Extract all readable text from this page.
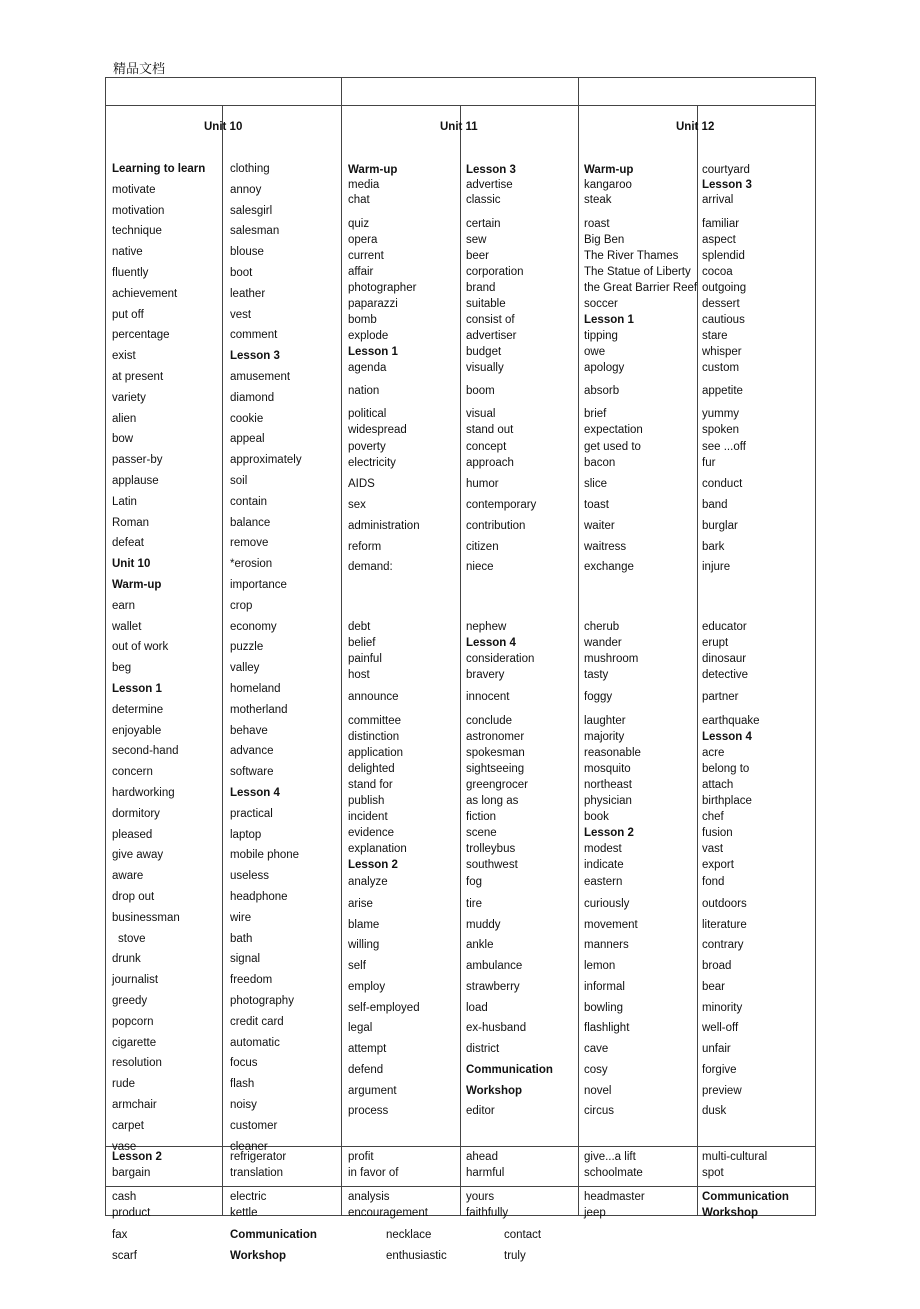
精品文档
Unit 10	Unit 11	Unit 12
Learning to learn
motivate
motivation
technique
native
fluently
achievement
put off
percentage
exist
at present
variety
alien
bow
passer-by
applause
Latin
Roman
defeat
Unit 10
Warm-up
earn
wallet
out of work
beg
Lesson 1
determine
enjoyable
second-hand
concern
hardworking
dormitory
pleased
give away
aware
drop out
businessman
stove
drunk
journalist
greedy
popcorn
cigarette
resolution
rude
armchair
carpet
vase
Lesson 2
bargain
cash
product
fax
scarf
clothing
annoy
salesgirl
salesman
blouse
boot
leather
vest
comment
Lesson 3
amusement
diamond
cookie
appeal
approximately
soil
contain
balance
remove
*erosion
importance
crop
economy
puzzle
valley
homeland
motherland
behave
advance
software
Lesson 4
practical
laptop
mobile phone
useless
headphone
wire
bath
signal
freedom
photography
credit card
automatic
focus
flash
noisy
customer
cleaner
refrigerator
translation
electric
kettle
Communication
Workshop
Warm-up
media
chat
quiz
opera
current
affair
photographer
paparazzi
bomb
explode
Lesson 1
agenda
nation
political
widespread
poverty
electricity
AIDS
sex
administration
reform
demand:
debt
belief
painful
host
announce
committee
distinction
application
delighted
stand for
publish
incident
evidence
explanation
Lesson 2
analyze
arise
blame
willing
self
employ
self-employed
legal
attempt
defend
argument
process
profit
in favor of
analysis
encouragement
necklace
enthusiastic
Lesson 3
advertise
classic
certain
sew
beer
corporation
brand
suitable
consist of
advertiser
budget
visually
boom
visual
stand out
concept
approach
humor
contemporary
contribution
citizen
niece
nephew
Lesson 4
consideration
bravery
innocent
conclude
astronomer
spokesman
sightseeing
greengrocer
as long as
fiction
scene
trolleybus
southwest
fog
tire
muddy
ankle
ambulance
strawberry
load
ex-husband
district
Communication
Workshop
editor
ahead
harmful
yours
faithfully
contact
truly
Warm-up
kangaroo
steak
roast
Big Ben
The River Thames
The Statue of Liberty
the Great Barrier Reef
soccer
Lesson 1
tipping
owe
apology
absorb
brief
expectation
get used to
bacon
slice
toast
waiter
waitress
exchange
cherub
wander
mushroom
tasty
foggy
laughter
majority
reasonable
mosquito
northeast
physician
book
Lesson 2
modest
indicate
eastern
curiously
movement
manners
lemon
informal
bowling
flashlight
cave
cosy
novel
circus
give...a lift
schoolmate
headmaster
jeep
courtyard
Lesson 3
arrival
familiar
aspect
splendid
cocoa
outgoing
dessert
cautious
stare
whisper
custom
appetite
yummy
spoken
see ...off
fur
conduct
band
burglar
bark
injure
educator
erupt
dinosaur
detective
partner
earthquake
Lesson 4
acre
belong to
attach
birthplace
chef
fusion
vast
export
fond
outdoors
literature
contrary
broad
bear
minority
well-off
unfair
forgive
preview
dusk
multi-cultural
spot
Communication
Workshop
